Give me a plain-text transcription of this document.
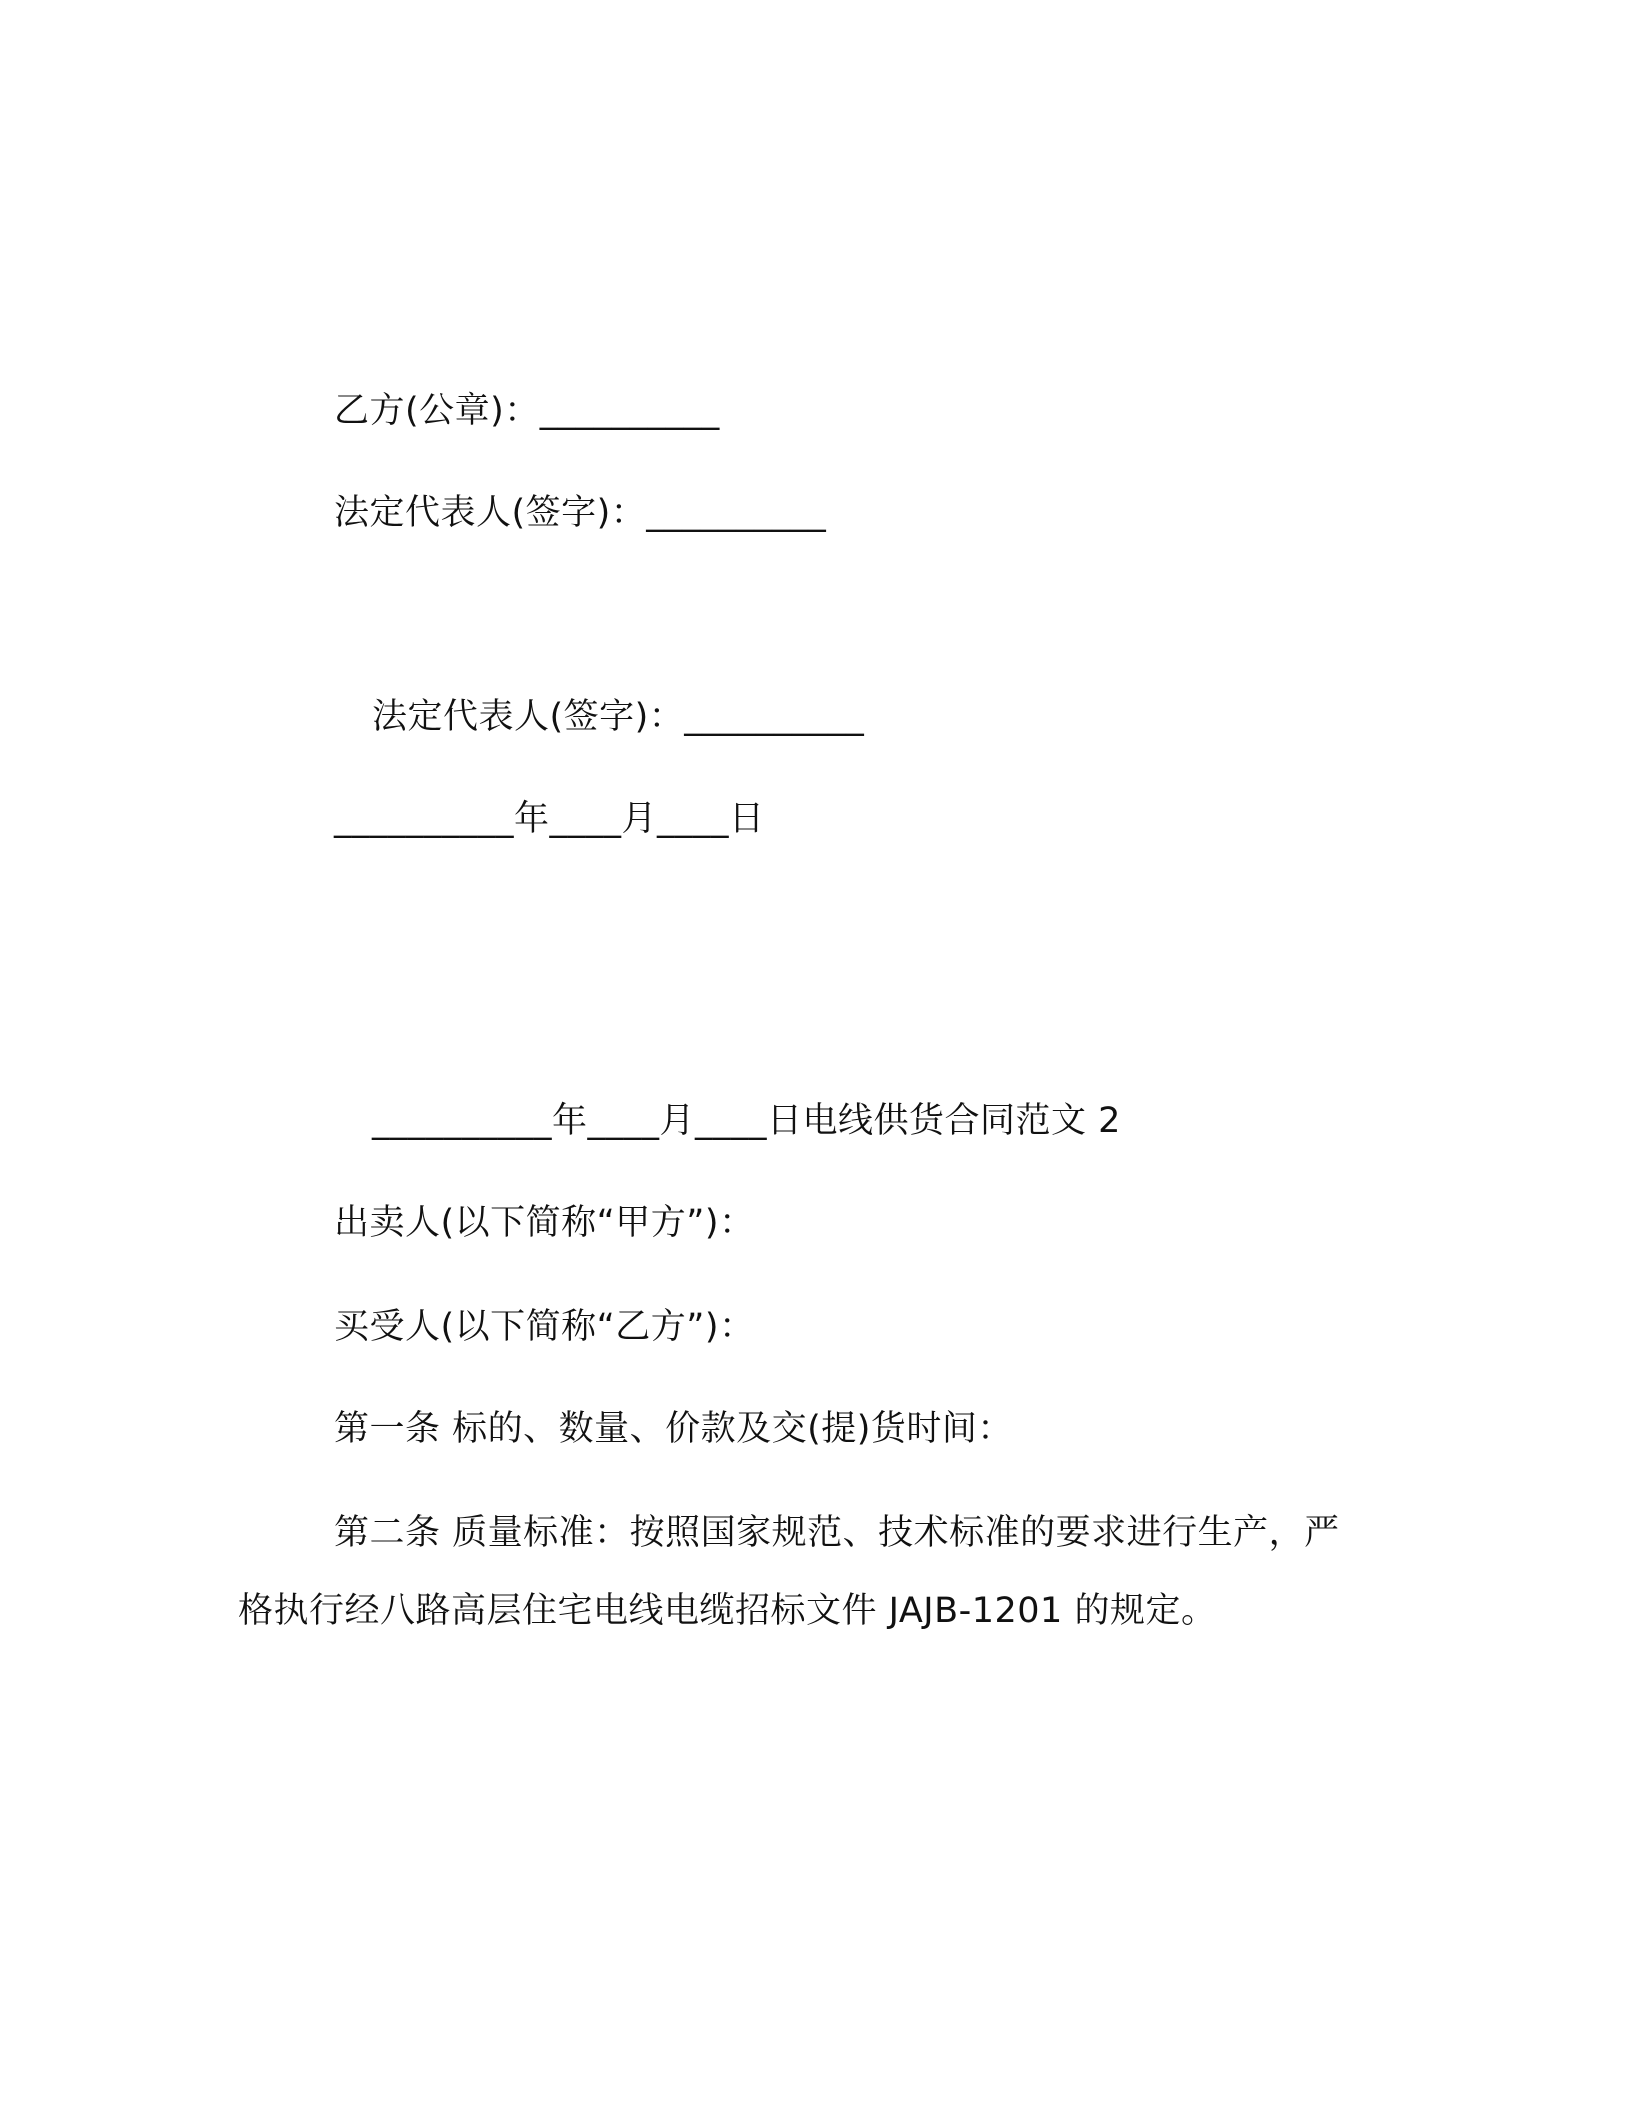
乙方(公章)：__________
法定代表人(签字)：__________
法定代表人(签字)：__________
__________年____月____日
__________年____月____日电线供货合同范文 2
出卖人(以下简称“甲方”)：
买受人(以下简称“乙方”)：
第一条 标的、数量、价款及交(提)货时间：
第二条 质量标准：按照国家规范、技术标准的要求进行生产，严
格执行经八路高层住宅电线电缆招标文件 JAJB-1201 的规定。
